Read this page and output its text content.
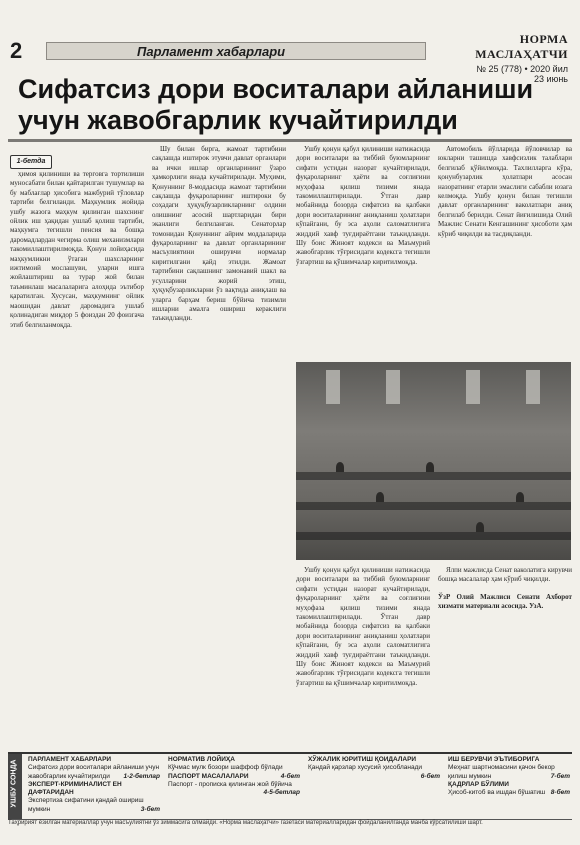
2	Парламент хабарлари
НОРМА МАСЛАҲАТЧИ
№ 25 (778) • 2020 йил 23 июнь
Сифатсиз дори воситалари айланиши учун жавобгарлик кучайтирилди
1-бетда

ҳимоя қилиниши ва терговга тортилиши муносабати билан қайтарилган тушумлар ва бу маблағлар ҳисобига мажбурий тўловлар тартиби белгиланди. Маҳкумлик жойида ушбу жазога маҳкум қилинган шахснинг ойлик иш ҳақидан ушлаб қолиш тартиби, маҳкумга тегишли пенсия ва бошқа даромадлардан чегирма олиш механизмлари такомиллаштирилмоқда. Қонун лойиҳасида маҳкумликни ўтаган шахсларнинг ижтимоий мослашуви, уларни ишга жойлаштириш ва турар жой билан таъминлаш масалаларига алоҳида эътибор қаратилган. Хусусан, маҳкумнинг ойлик маошидан давлат даромадига ушлаб қолинадиган миқдор 5 фоиздан 20 фоизгача этиб белгиланмоқда.

Шу билан бирга, жамоат тартибини сақлашда иштирок этувчи давлат органлари ва ички ишлар органларининг ўзаро ҳамкорлиги янада кучайтирилади. Муҳими, Қонуннинг 8-моддасида жамоат тартибини сақлашда фуқароларнинг иштироки бу соҳадаги ҳуқуқбузарликларнинг олдини олишнинг асосий шартларидан бири эканлиги белгиланган. Сенаторлар томонидан Қонуннинг айрим моддаларида фуқароларнинг ва давлат органларининг масъулиятини оширувчи нормалар киритилгани қайд этилди. Жамоат тартибини сақлашнинг замонавий шакл ва усулларини жорий этиш, ҳуқуқбузарликларни ўз вақтида аниқлаш ва уларга барҳам бериш бўйича тизимли ишларни амалга ошириш кераклиги таъкидланди.

Ушбу қонун қабул қилиниши натижасида дори воситалари ва тиббий буюмларнинг сифати устидан назорат кучайтирилади, фуқароларнинг ҳаёти ва соғлиғини муҳофаза қилиш тизими янада такомиллаштирилади. Ўтган давр мобайнида бозорда сифатсиз ва қалбаки дори воситаларининг аниқланиш ҳолатлари кўпайгани, бу эса аҳоли саломатлигига жиддий хавф туғдираётгани таъкидланди. Шу боис Жиноят кодекси ва Маъмурий жавобгарлик тўғрисидаги кодексга тегишли ўзгартиш ва қўшимчалар киритилмоқда.

Автомобиль йўлларида йўловчилар ва юкларни ташишда хавфсизлик талаблари белгилаб қўйилмоқда. Тахлилларга кўра, қонунбузарлик ҳолатлари асосан назоратнинг етарли эмаслиги сабабли юзага келмоқда. Ушбу қонун билан тегишли давлат органларининг ваколатлари аниқ белгилаб берилди. Сенат йиғилишида Олий Мажлис Сенати Кенгашининг ҳисоботи ҳам кўриб чиқилди ва тасдиқланди.

Ушбу қонун қабул қилиниши натижасида дори воситалари ва тиббий буюмларнинг сифати устидан назорат кучайтирилади, фуқароларнинг ҳаёти ва соғлиғини муҳофаза қилиш тизими янада такомиллаштирилади. Ўтган давр мобайнида бозорда сифатсиз ва қалбаки дори воситаларининг аниқланиш ҳолатлари кўпайгани, бу эса аҳоли саломатлигига жиддий хавф туғдираётгани таъкидланди. Шу боис Жиноят кодекси ва Маъмурий жавобгарлик тўғрисидаги кодексга тегишли ўзгартиш ва қўшимчалар киритилмоқда.

Ялпи мажлисда Сенат ваколатига кирувчи бошқа масалалар ҳам кўриб чиқилди.

ЎзР Олий Мажлиси Сенати Ахборот хизмати материали асосида. УзА.

УШБУ СОНДА
ПАРЛАМЕНТ ХАБАРЛАРИ
Сифатсиз дори воситалари айланиши учун жавобгарлик кучайтирилди 1-2-бетлар
ЭКСПЕРТ-КРИМИНАЛИСТ ЕН ДАФТАРИДАН
Экспертиза сифатини қандай ошириш мумкин	3-бет
НОРМАТИВ ЛОЙИҲА
Кўчмас мулк бозори шаффоф бўлади
4-бет
ПАСПОРТ МАСАЛАЛАРИ
Паспорт - прописка қилинган жой бўйича
4-5-бетлар
ХЎЖАЛИК ЮРИТИШ ҚОИДАЛАРИ
Қандай қарзлар хусусий ҳисобланади
6-бет
ИШ БЕРУВЧИ ЭЪТИБОРИГА
Меҳнат шартномасини қачон бекор қилиш мумкин	7-бет
ҚАДРЛАР БЎЛИМИ
Ҳисоб-китоб ва ишдан бўшатиш 8-бет
Таҳририят ёзилган материаллар учун масъулиятни ўз зиммасига олмайди. «Норма маслаҳатчи» газетаси материалларидан фойдаланилганда манба кўрсатилиши шарт.
